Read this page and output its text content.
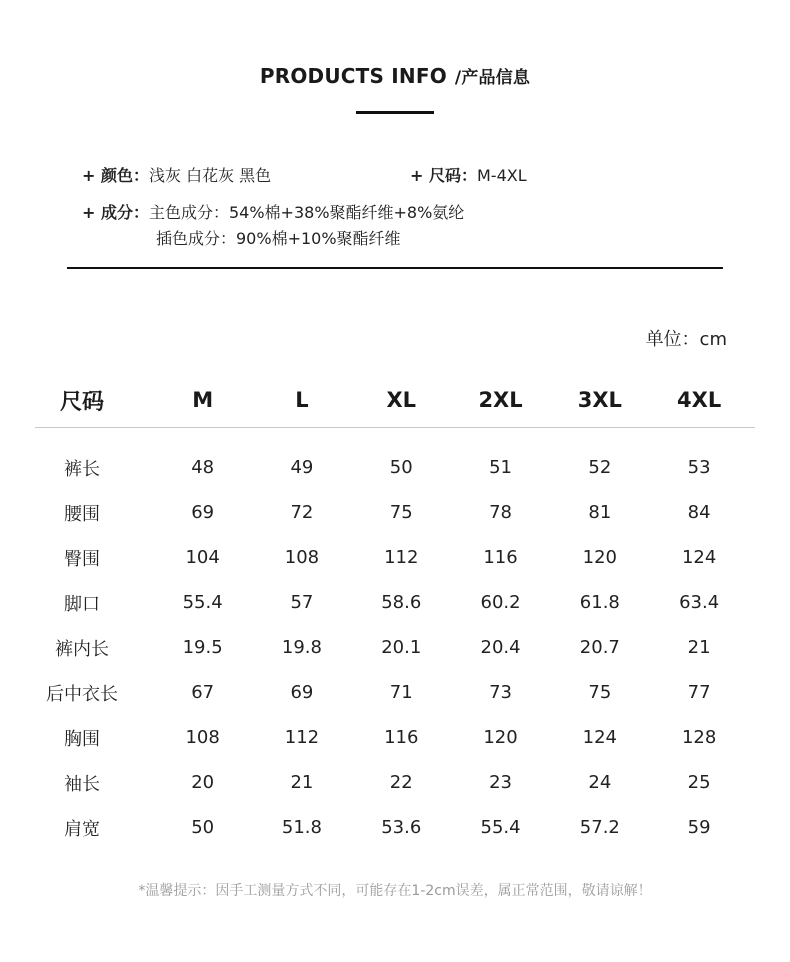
PRODUCTS INFO /产品信息
+ 颜色：浅灰 白花灰 黑色	+ 尺码：M-4XL
+ 成分：主色成分：54%棉+38%聚酯纤维+8%氨纶
插色成分：90%棉+10%聚酯纤维
单位：cm
尺码	M	L	XL	2XL	3XL	4XL
裤长	48	49	50	51	52	53
腰围	69	72	75	78	81	84
臀围	104	108	112	116	120	124
脚口	55.4	57	58.6	60.2	61.8	63.4
裤内长	19.5	19.8	20.1	20.4	20.7	21
后中衣长	67	69	71	73	75	77
胸围	108	112	116	120	124	128
袖长	20	21	22	23	24	25
肩宽	50	51.8	53.6	55.4	57.2	59
*温馨提示：因手工测量方式不同，可能存在1-2cm误差，属正常范围，敬请谅解！
